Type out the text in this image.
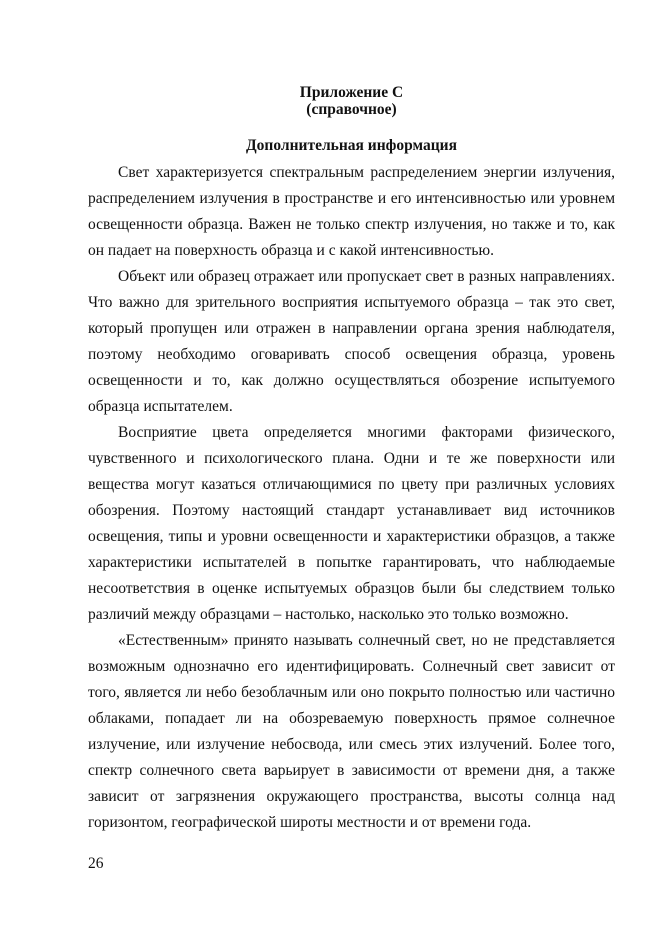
Приложение С

(справочное)

Дополнительная информация

Свет характеризуется спектральным распределением энергии излучения, распределением излучения в пространстве и его интенсивностью или уровнем освещенности образца. Важен не только спектр излучения, но также и то, как он падает на поверхность образца и с какой интенсивностью.

Объект или образец отражает или пропускает свет в разных направлениях. Что важно для зрительного восприятия испытуемого образца – так это свет, который пропущен или отражен в направлении органа зрения наблюдателя, поэтому необходимо оговаривать способ освещения образца, уровень освещенности и то, как должно осуществляться обозрение испытуемого образца испытателем.

Восприятие цвета определяется многими факторами физического, чувственного и психологического плана. Одни и те же поверхности или вещества могут казаться отличающимися по цвету при различных условиях обозрения. Поэтому настоящий стандарт устанавливает вид источников освещения, типы и уровни освещенности и характеристики образцов, а также характеристики испытателей в попытке гарантировать, что наблюдаемые несоответствия в оценке испытуемых образцов были бы следствием только различий между образцами – настолько, насколько это только возможно.

«Естественным» принято называть солнечный свет, но не представляется возможным однозначно его идентифицировать. Солнечный свет зависит от того, является ли небо безоблачным или оно покрыто полностью или частично облаками, попадает ли на обозреваемую поверхность прямое солнечное излучение, или излучение небосвода, или смесь этих излучений. Более того, спектр солнечного света варьирует в зависимости от времени дня, а также зависит от загрязнения окружающего пространства, высоты солнца над горизонтом, географической широты местности и от времени года.

26
